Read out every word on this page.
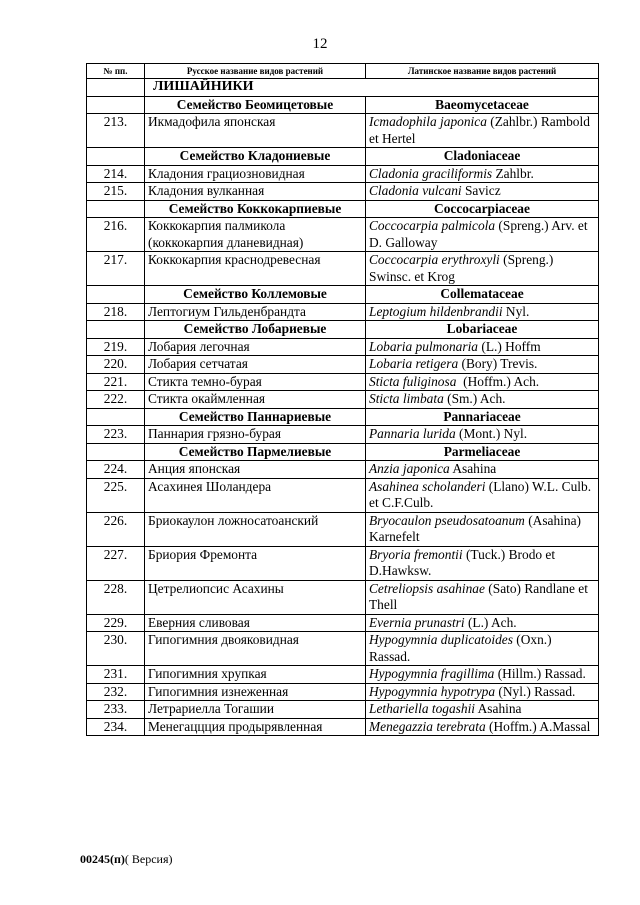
12
№ пп.	Русское название видов растений	Латинское название видов растений
	ЛИШАЙНИКИ	
	Семейство Беомицетовые	Baeomycetaceae
213.	Икмадофила японская	Icmadophila japonica (Zahlbr.) Rambold et Hertel
	Семейство Кладониевые	Cladoniaceae
214.	Кладония грациозновидная	Cladonia graciliformis Zahlbr.
215.	Кладония вулканная	Cladonia vulcani Savicz
	Семейство Коккокарпиевые	Coccocarpiaceae
216.	Коккокарпия палмикола (коккокарпия дланевидная)	Coccocarpia palmicola (Spreng.) Arv. et D. Galloway
217.	Коккокарпия краснодревесная	Coccocarpia erythroxyli (Spreng.) Swinsc. et Krog
	Семейство Коллемовые	Collemataceae
218.	Лептогиум Гильденбрандта	Leptogium hildenbrandii Nyl.
	Семейство Лобариевые	Lobariaceae
219.	Лобария легочная	Lobaria pulmonaria (L.) Hoffm
220.	Лобария сетчатая	Lobaria retigera (Bory) Trevis.
221.	Стикта темно-бурая	Sticta fuliginosa  (Hoffm.) Ach.
222.	Стикта окаймленная	Sticta limbata (Sm.) Ach.
	Семейство Паннариевые	Pannariaceae
223.	Паннария грязно-бурая	Pannaria lurida (Mont.) Nyl.
	Семейство Пармелиевые	Parmeliaceae
224.	Анция японская	Anzia japonica Asahina
225.	Асахинея Шоландера	Asahinea scholanderi (Llano) W.L. Culb. et C.F.Culb.
226.	Бриокаулон ложносатоанский	Bryocaulon pseudosatoanum (Asahina) Karnefelt
227.	Бриория Фремонта	Bryoria fremontii (Tuck.) Brodo et D.Hawksw.
228.	Цетрелиопсис Асахины	Cetreliopsis asahinae (Sato) Randlane et Thell
229.	Еверния сливовая	Evernia prunastri (L.) Ach.
230.	Гипогимния двояковидная	Hypogymnia duplicatoides (Oxn.) Rassad.
231.	Гипогимния хрупкая	Hypogymnia fragillima (Hillm.) Rassad.
232.	Гипогимния изнеженная	Hypogymnia hypotrypa (Nyl.) Rassad.
233.	Летрариелла Тогашии	Lethariella togashii Asahina
234.	Менегаццция продырявленная	Menegazzia terebrata (Hoffm.) A.Massal
00245(п)( Версия)
